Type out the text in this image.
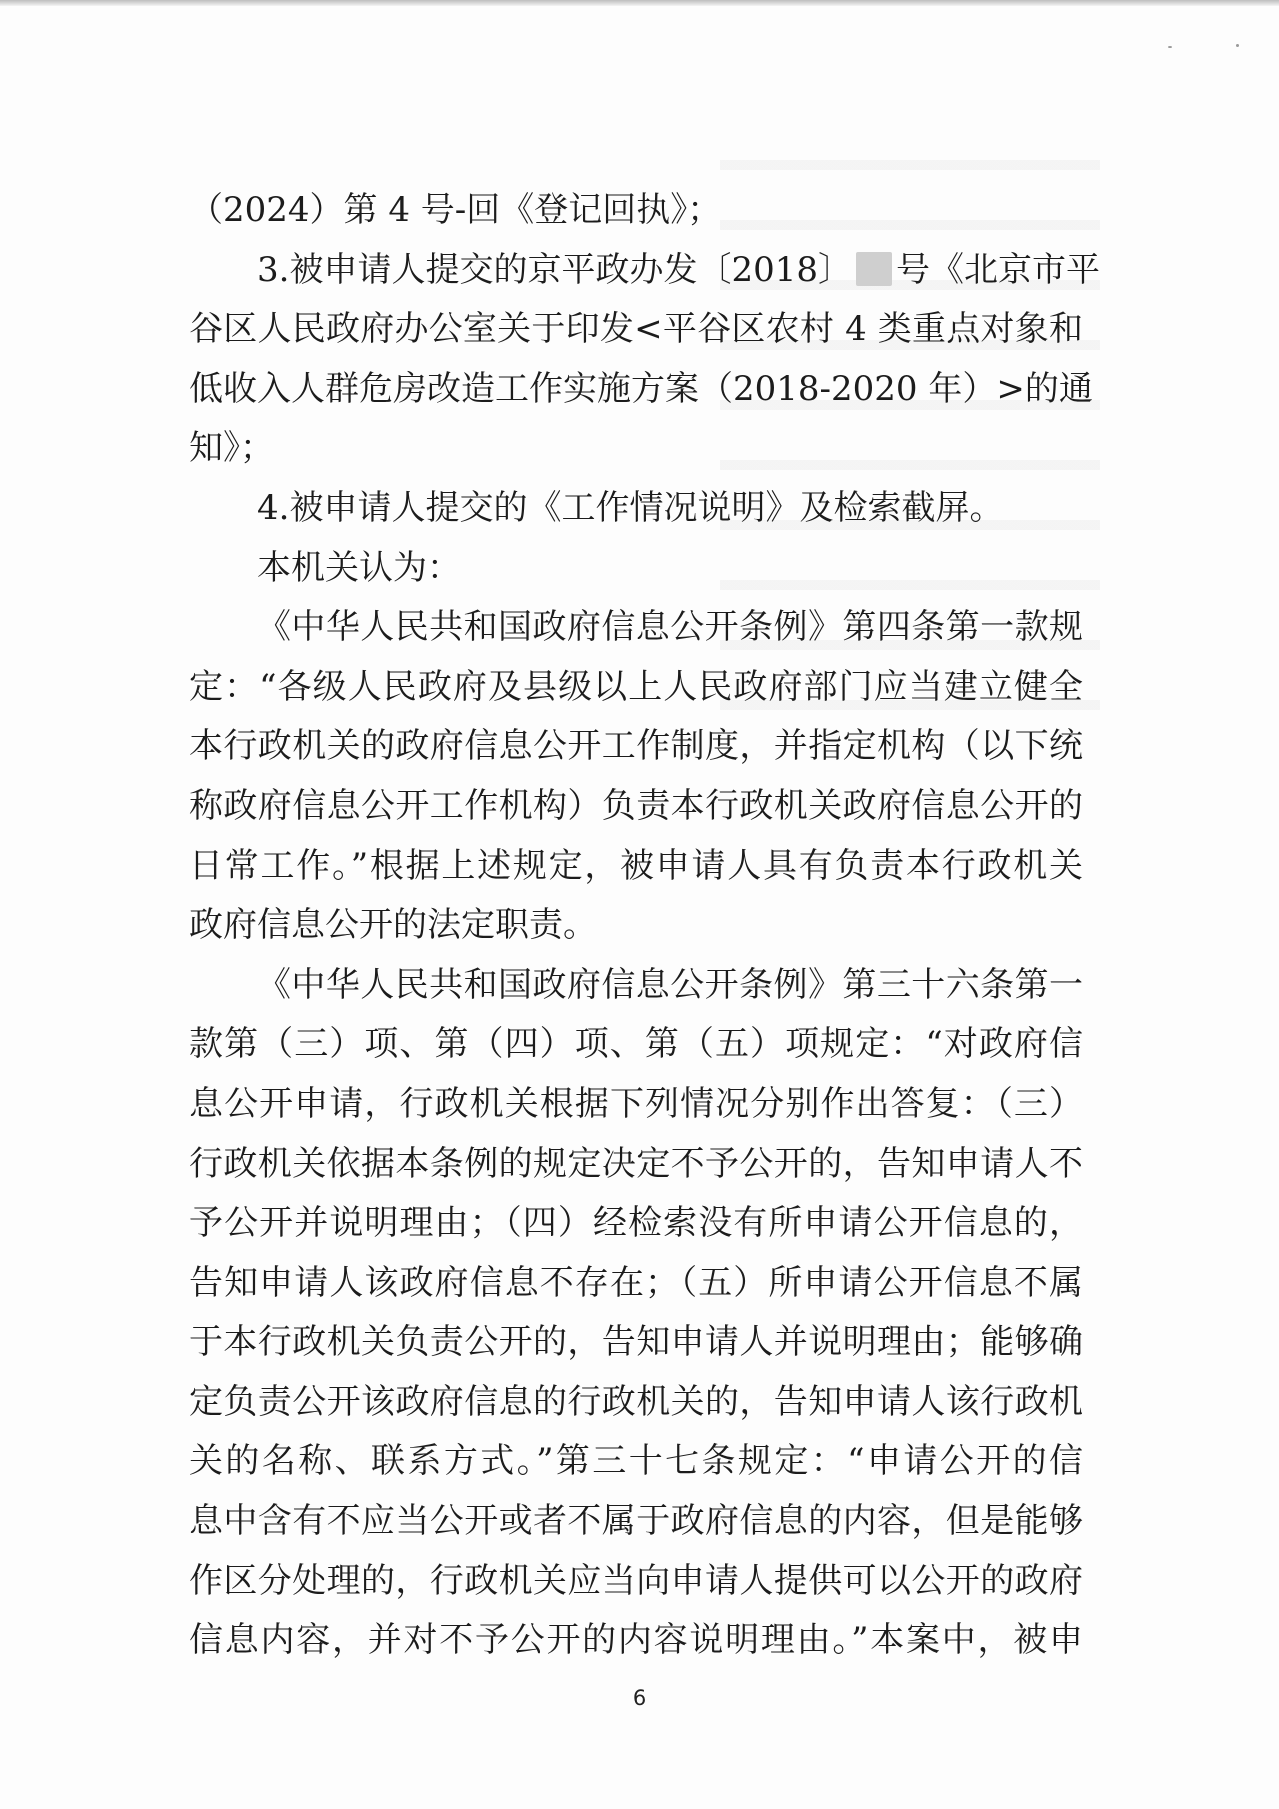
（2024）第 4 号-回《登记回执》；
3.被申请人提交的京平政办发〔2018〕 号《北京市平
谷区人民政府办公室关于印发<平谷区农村 4 类重点对象和
低收入人群危房改造工作实施方案（2018-2020 年）>的通
知》；
4.被申请人提交的《工作情况说明》及检索截屏。
本机关认为：
《中华人民共和国政府信息公开条例》第四条第一款规
定：“各级人民政府及县级以上人民政府部门应当建立健全
本行政机关的政府信息公开工作制度，并指定机构（以下统
称政府信息公开工作机构）负责本行政机关政府信息公开的
日常工作。”根据上述规定，被申请人具有负责本行政机关
政府信息公开的法定职责。
《中华人民共和国政府信息公开条例》第三十六条第一
款第（三）项、第（四）项、第（五）项规定：“对政府信
息公开申请，行政机关根据下列情况分别作出答复：（三）
行政机关依据本条例的规定决定不予公开的，告知申请人不
予公开并说明理由；（四）经检索没有所申请公开信息的，
告知申请人该政府信息不存在；（五）所申请公开信息不属
于本行政机关负责公开的，告知申请人并说明理由；能够确
定负责公开该政府信息的行政机关的，告知申请人该行政机
关的名称、联系方式。”第三十七条规定：“申请公开的信
息中含有不应当公开或者不属于政府信息的内容，但是能够
作区分处理的，行政机关应当向申请人提供可以公开的政府
信息内容，并对不予公开的内容说明理由。”本案中，被申
6
